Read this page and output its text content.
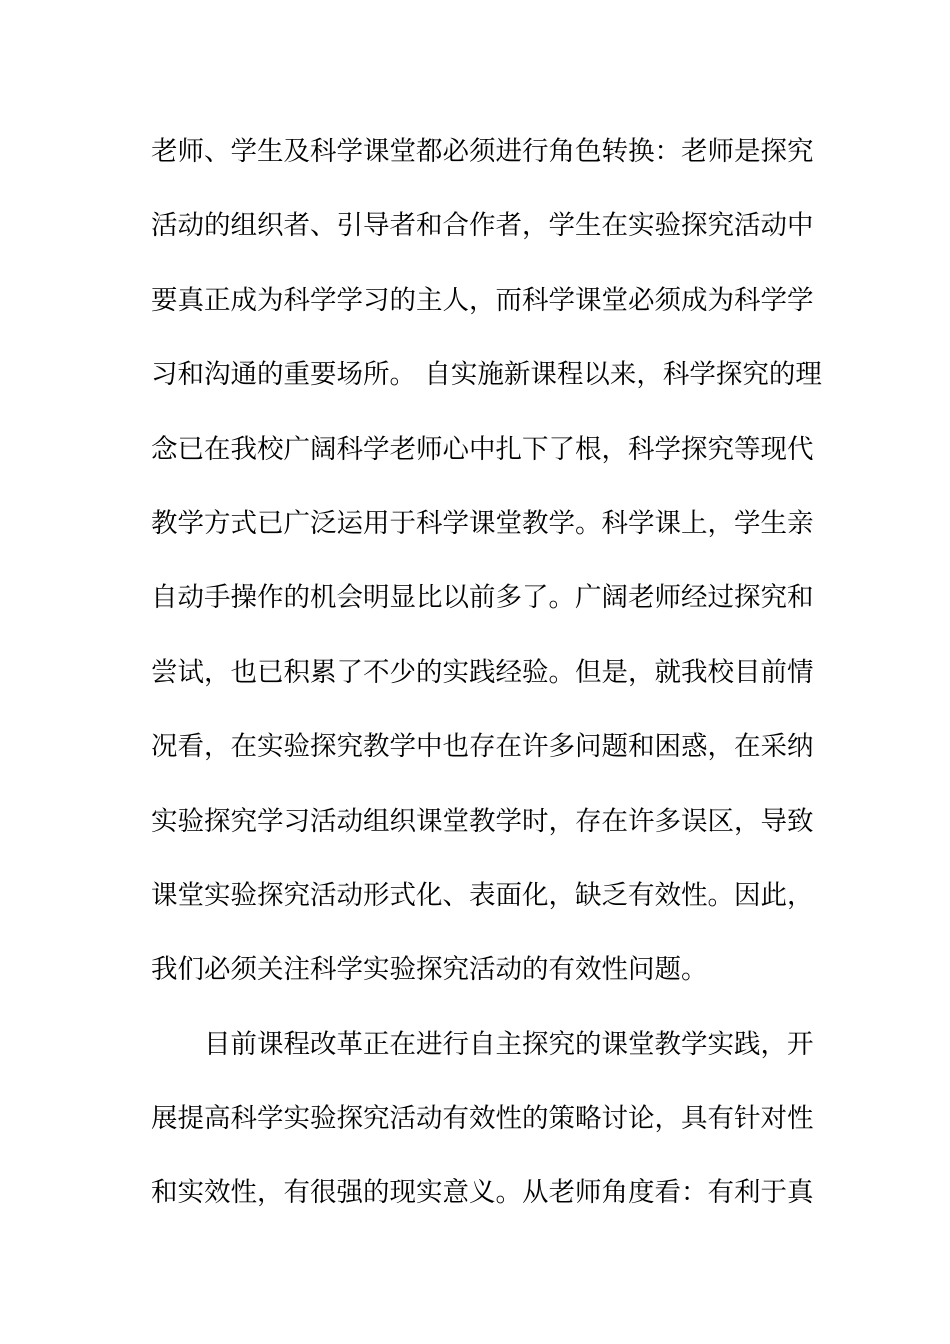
老师、学生及科学课堂都必须进行角色转换：老师是探究
活动的组织者、引导者和合作者，学生在实验探究活动中
要真正成为科学学习的主人，而科学课堂必须成为科学学
习和沟通的重要场所。 自实施新课程以来，科学探究的理
念已在我校广阔科学老师心中扎下了根，科学探究等现代
教学方式已广泛运用于科学课堂教学。科学课上，学生亲
自动手操作的机会明显比以前多了。广阔老师经过探究和
尝试，也已积累了不少的实践经验。但是，就我校目前情
况看，在实验探究教学中也存在许多问题和困惑，在采纳
实验探究学习活动组织课堂教学时，存在许多误区，导致
课堂实验探究活动形式化、表面化，缺乏有效性。因此，
我们必须关注科学实验探究活动的有效性问题。
目前课程改革正在进行自主探究的课堂教学实践，开
展提高科学实验探究活动有效性的策略讨论，具有针对性
和实效性，有很强的现实意义。从老师角度看：有利于真
